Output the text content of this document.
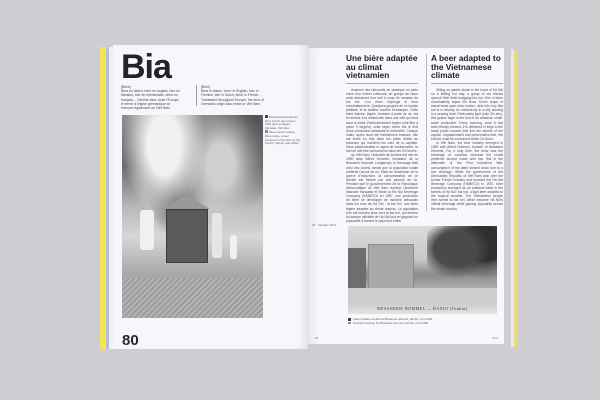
Bia
[Bière]
Birra en italien, beer en anglais, bier en flamand, bier en néerlandais, bière en français… Décliné dans toute l'Europe, le terme d'origine germanique se retrouve également au Viêt Nam.
[Beer]
Birra in Italian, 'beer' in English, bier in Flemish, bier in Dutch, bière in French… Translated throughout Europe, the term of Germanic origin also exists in Viêt Nam.
Marchand ambulant de bière à la fin des années 1920 dans la Saïgon française, Viêt Nam.
Street vendor selling Biere Larue, a beer produced in Viet Nam by the French, Saigon, late 1920s.
80
25 · Vietgam 2011
Une bière adaptée au climat vietnamien

Assieurs des tabourets en plastique en plein cœur d'un trottoir suffocant, un groupe de vieux amis étanchent leur soif à coup de rasades de bia hơi. L'un d'eux s'éponge le front nonchalamment. Quelques gorgées de ce liquide pétillant, et la chaleur semble s'estomper. Cette bière fraîche, légère, brassée à partir de riz, est le remède à la mélancolie dans une ville qui fond sous le soleil. Particulièrement légère (elle titre à peine 3 degrés), cette lager dorée est le fruit d'une production artisanale et informelle. Chaque matin, après avoir été fraîchement brassée, elle est livrée en fûts dans les petits débits de boissons qui inondent les rues de la capitale. Sans pasteurisation ni agent de conservation, la bia hơi doit être consommée dans les 24 heures.

Au Viêt Nam, l'industrie de la bière est née en 1890 avec Alfred Hommel, fondateur de la Brasserie Hommel. Longtemps, le breuvage était celui des colons, tandis que la population locale préférait l'alcool de riz. Mais au lendemain de la guerre d'Indochine, la consommation de ce dernier est freinée par une pénurie de riz. Pendant que le gouvernement de la République démocratique du Viêt Nam reprend l'ancienne industrie française et fonde la Hà Nội Beverage Company (HABECO) en 1957, une production de bière se développe de manière artisanale dans les rues de Hà Nội : la bia hơi, une bière légère adaptée au climat tropical. La population s'en est tournée alors vers la bia hơi, qui devient la boisson officielle de Hà Nội tout en gagnant en popularité à travers le pays tout entier.

A beer adapted to the Vietnamese climate

Sitting on plastic stools in the heart of Hà Nội on a stifling hot day, a group of old friends quench their thirst swigging bia hơi. One of them nonchalantly wipes his brow. Some drops of sweat bead upon slow motion, deal into July. Bia hơi is a remedy for melancholy in a city stewing in a searing heat. Particularly light (only 3% abv), this golden lager is the fruit of an artisanal, small-scale production. Every morning, once it has been freshly brewed, it is delivered in kegs to the small public houses that line the streets of the capital. Unpasteurised and preservative-free, the bia hơi must be consumed within 24 hours.

In Viêt Nam, the beer industry emerged in 1890 with Alfred Hommel, founder of Brasserie Hommel. For a long time, the brew was the beverage of colonists whereas the locals preferred alcohol made with rice. But in the aftermath of the First Indochina War, consumption of the latter slowed down due to a rice shortage. While the government of the Democratic Republic of Viêt Nam took over the former French industry and founded the Hà Nội Beverage Company (HABECO) in 1957, beer production emerged as an artisanal trade in the streets of Hà Nội: bia hơi, a light beer adapted to the tropical weather. The Vietnamese people then turned to bia hơi, which became Hà Nội's official beverage while gaining popularity across the whole country.

BRASSERIE HOMMEL — HANOI (Tonkin)
Carte postale montrant la Brasserie Hommel, Hà Nội, vers 1900.
Postcard showing the Brasserie Hommel, Hà Nội, circa 1900.
81	XXX
